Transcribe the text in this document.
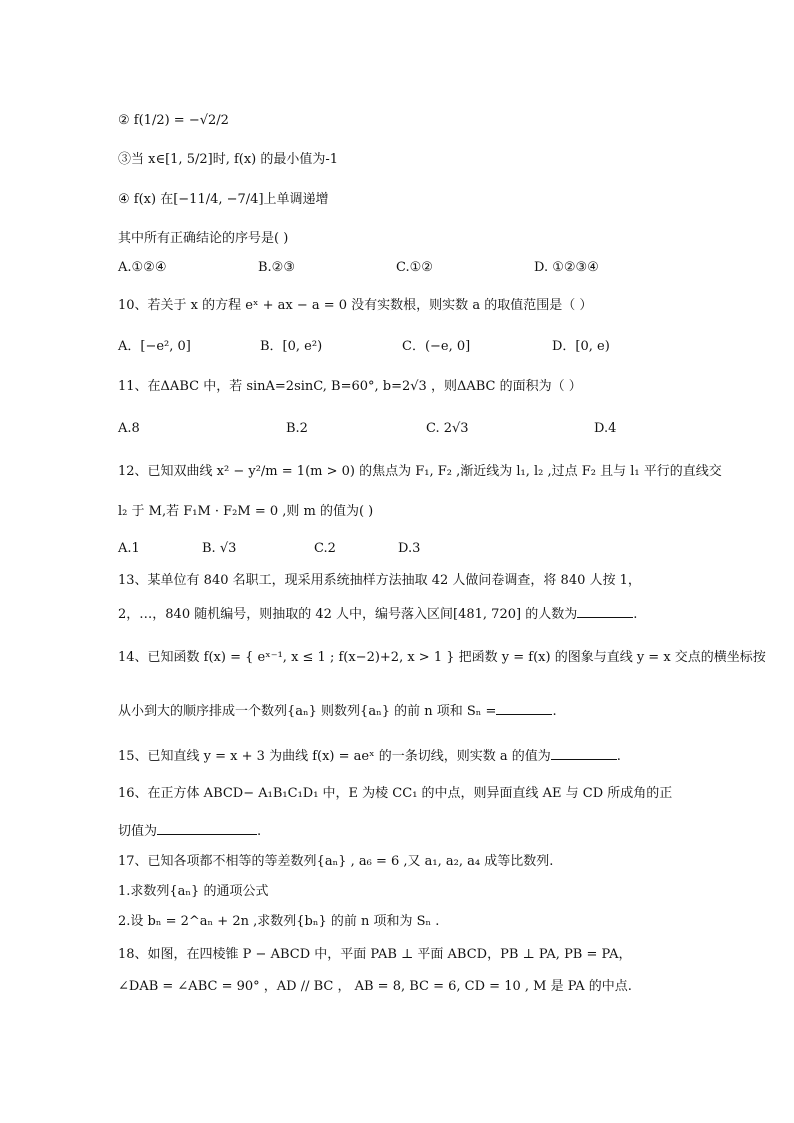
② f(1/2) = −√2/2
③当 x∈[1, 5/2]时, f(x) 的最小值为-1
④ f(x) 在[−11/4, −7/4]上单调递增
其中所有正确结论的序号是( )
A.①②④	B.②③	C.①②	D. ①②③④
10、若关于 x 的方程 eˣ + ax − a = 0 没有实数根，则实数 a 的取值范围是（ ）
A．[−e², 0]	B．[0, e²)	C．(−e, 0]	D．[0, e)
11、在ΔABC 中，若 sinA=2sinC, B=60°, b=2√3 ，则ΔABC 的面积为（ ）
A.8	B.2	C. 2√3	D.4
12、已知双曲线 x² − y²/m = 1(m > 0) 的焦点为 F₁, F₂ ,渐近线为 l₁, l₂ ,过点 F₂ 且与 l₁ 平行的直线交
l₂ 于 M,若 F₁M · F₂M = 0 ,则 m 的值为( )
A.1	B. √3	C.2	D.3
13、某单位有 840 名职工，现采用系统抽样方法抽取 42 人做问卷调查，将 840 人按 1，
2，…，840 随机编号，则抽取的 42 人中，编号落入区间[481, 720] 的人数为	.
14、已知函数 f(x) = { eˣ⁻¹, x ≤ 1 ; f(x−2)+2, x > 1 } 把函数 y = f(x) 的图象与直线 y = x 交点的横坐标按
从小到大的顺序排成一个数列{aₙ} 则数列{aₙ} 的前 n 项和 Sₙ =	.
15、已知直线 y = x + 3 为曲线 f(x) = aeˣ 的一条切线，则实数 a 的值为	.
16、在正方体 ABCD− A₁B₁C₁D₁ 中，E 为棱 CC₁ 的中点，则异面直线 AE 与 CD 所成角的正
切值为	.
17、已知各项都不相等的等差数列{aₙ} , a₆ = 6 ,又 a₁, a₂, a₄ 成等比数列.
1.求数列{aₙ} 的通项公式
2.设 bₙ = 2^aₙ + 2n ,求数列{bₙ} 的前 n 项和为 Sₙ .
18、如图，在四棱锥 P − ABCD 中，平面 PAB ⊥ 平面 ABCD，PB ⊥ PA, PB = PA，
∠DAB = ∠ABC = 90° ，AD // BC ， AB = 8, BC = 6, CD = 10 , M 是 PA 的中点.
